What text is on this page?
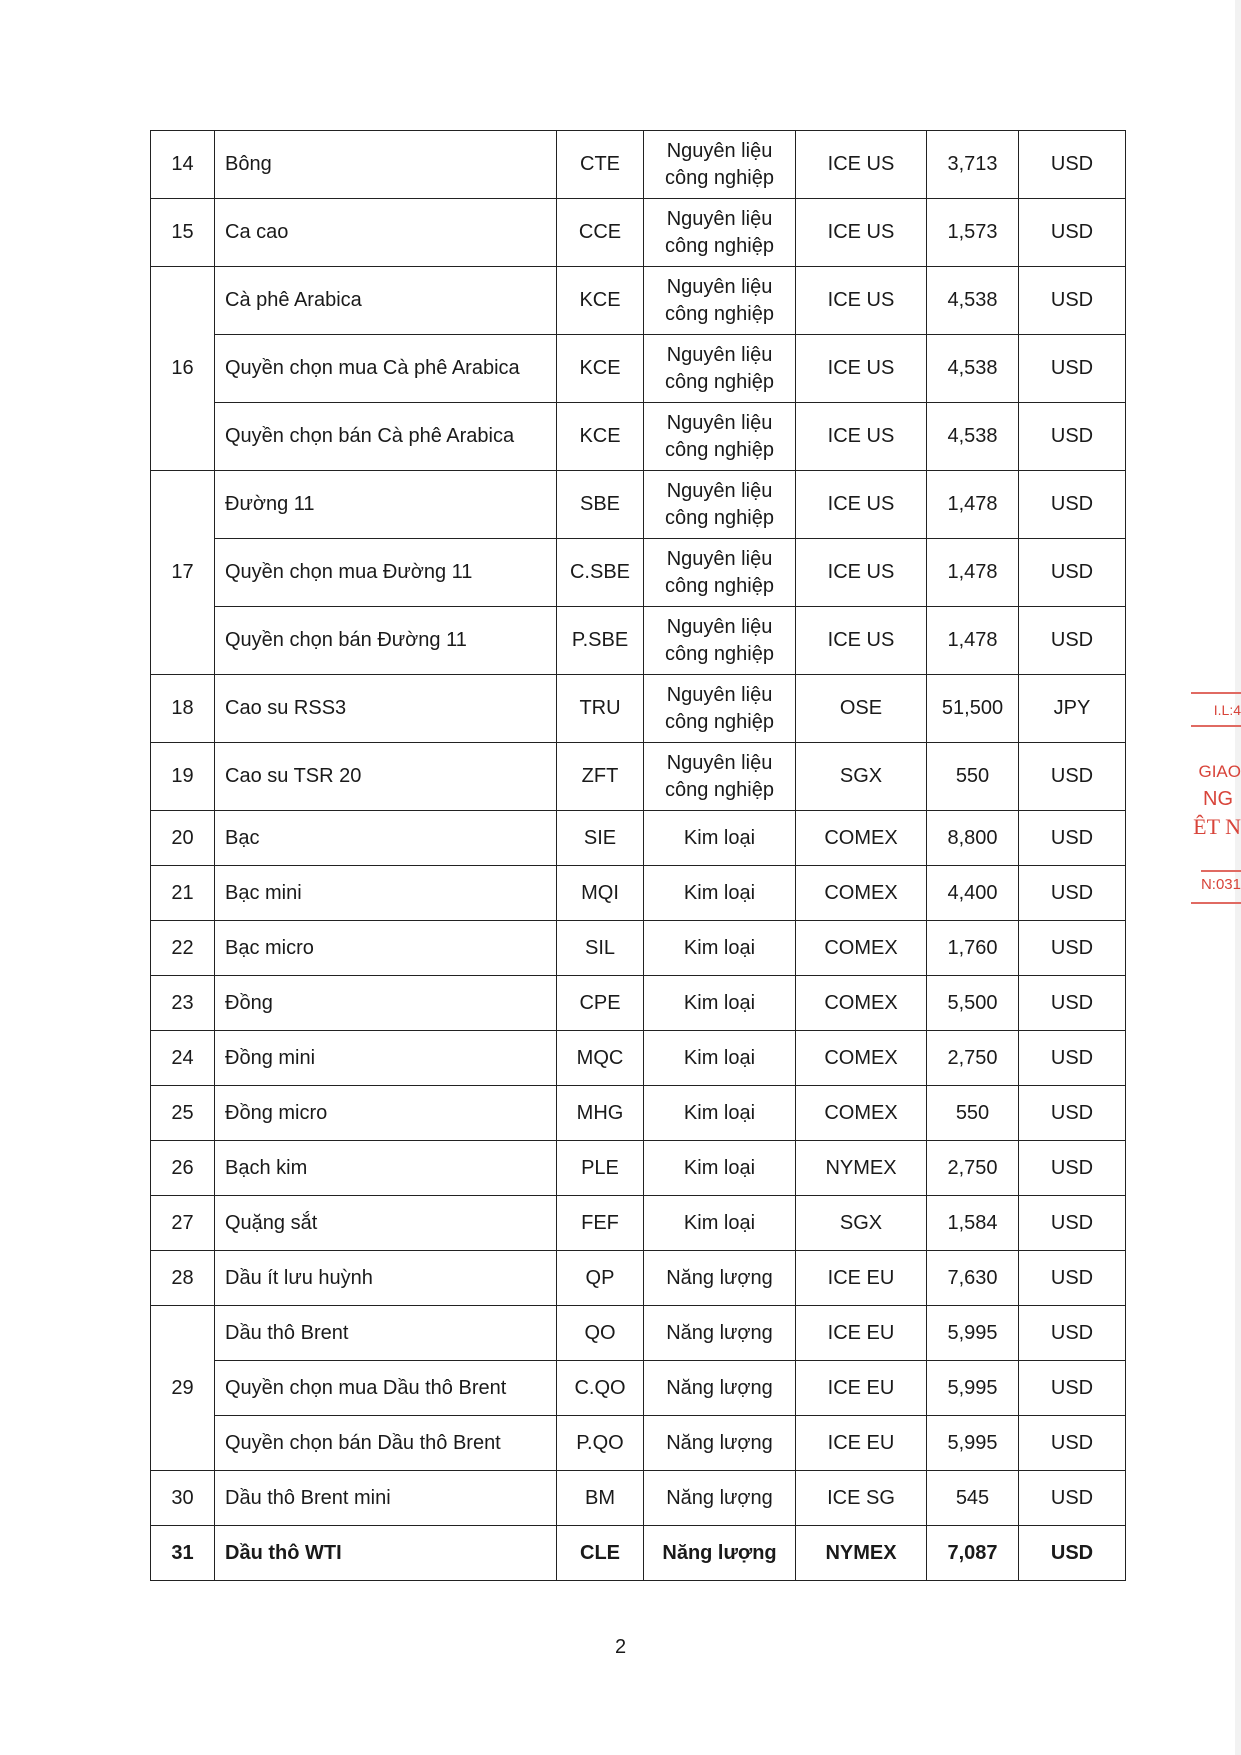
14	Bông	CTE	Nguyên liệu công nghiệp	ICE US	3,713	USD
15	Ca cao	CCE	Nguyên liệu công nghiệp	ICE US	1,573	USD
16	Cà phê Arabica	KCE	Nguyên liệu công nghiệp	ICE US	4,538	USD
	Quyền chọn mua Cà phê Arabica	KCE	Nguyên liệu công nghiệp	ICE US	4,538	USD
	Quyền chọn bán Cà phê Arabica	KCE	Nguyên liệu công nghiệp	ICE US	4,538	USD
17	Đường 11	SBE	Nguyên liệu công nghiệp	ICE US	1,478	USD
	Quyền chọn mua Đường 11	C.SBE	Nguyên liệu công nghiệp	ICE US	1,478	USD
	Quyền chọn bán Đường 11	P.SBE	Nguyên liệu công nghiệp	ICE US	1,478	USD
18	Cao su RSS3	TRU	Nguyên liệu công nghiệp	OSE	51,500	JPY
19	Cao su TSR 20	ZFT	Nguyên liệu công nghiệp	SGX	550	USD
20	Bạc	SIE	Kim loại	COMEX	8,800	USD
21	Bạc mini	MQI	Kim loại	COMEX	4,400	USD
22	Bạc micro	SIL	Kim loại	COMEX	1,760	USD
23	Đồng	CPE	Kim loại	COMEX	5,500	USD
24	Đồng mini	MQC	Kim loại	COMEX	2,750	USD
25	Đồng micro	MHG	Kim loại	COMEX	550	USD
26	Bạch kim	PLE	Kim loại	NYMEX	2,750	USD
27	Quặng sắt	FEF	Kim loại	SGX	1,584	USD
28	Dầu ít lưu huỳnh	QP	Năng lượng	ICE EU	7,630	USD
29	Dầu thô Brent	QO	Năng lượng	ICE EU	5,995	USD
	Quyền chọn mua Dầu thô Brent	C.QO	Năng lượng	ICE EU	5,995	USD
	Quyền chọn bán Dầu thô Brent	P.QO	Năng lượng	ICE EU	5,995	USD
30	Dầu thô Brent mini	BM	Năng lượng	ICE SG	545	USD
31	Dầu thô WTI	CLE	Năng lượng	NYMEX	7,087	USD
2
I.L:4
GIAO
NG
ÊT N
N:031
